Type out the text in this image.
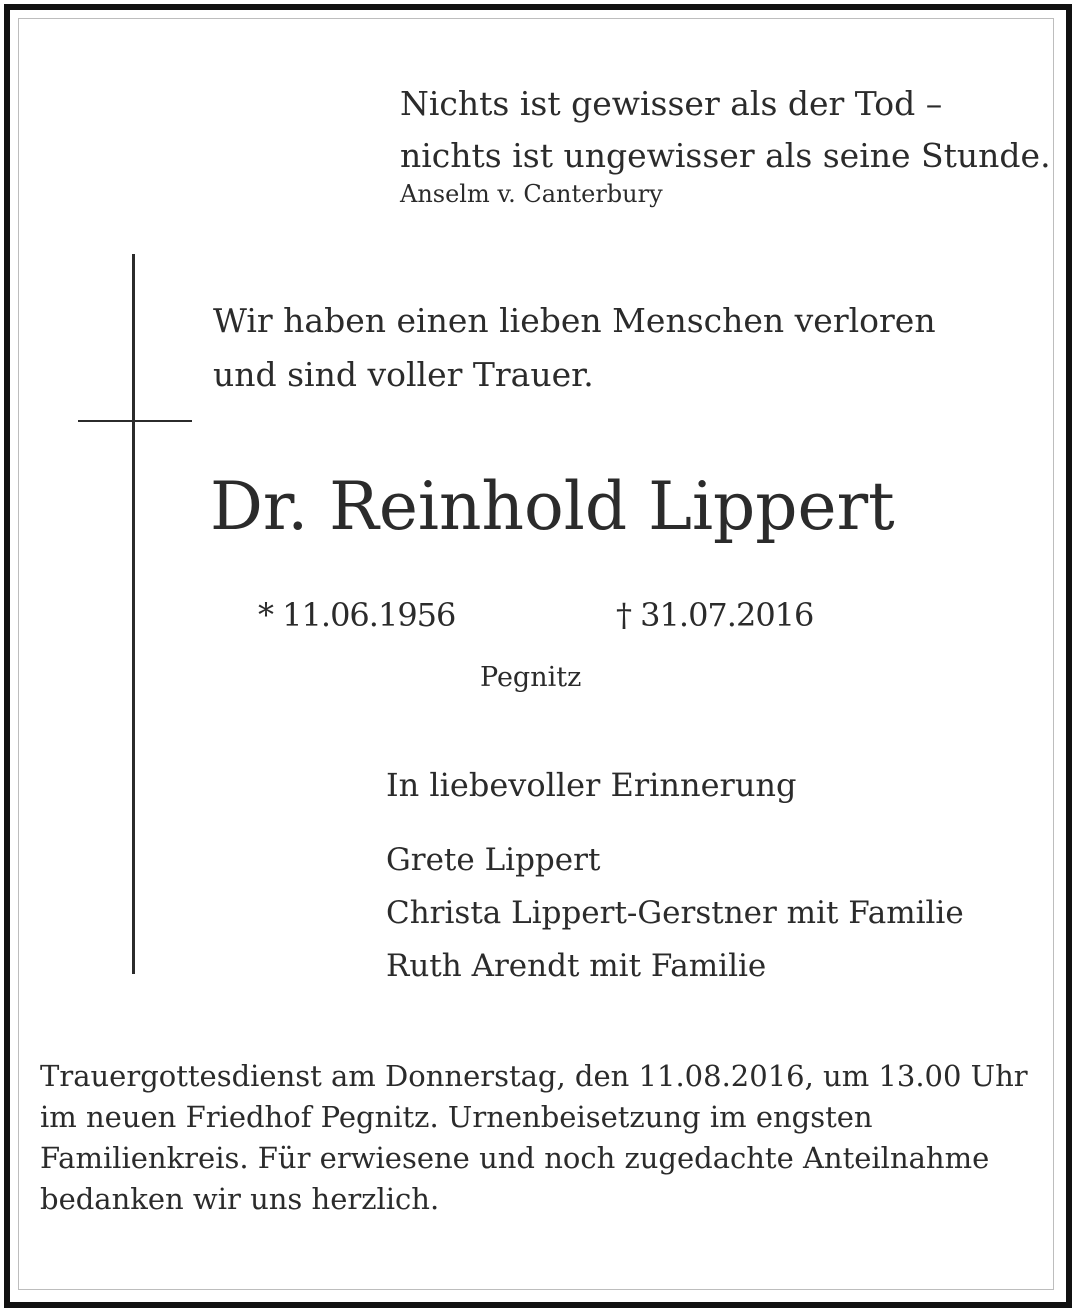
Nichts ist gewisser als der Tod –
nichts ist ungewisser als seine Stunde.
Anselm v. Canterbury
Wir haben einen lieben Menschen verloren
und sind voller Trauer.
Dr. Reinhold Lippert
* 11.06.1956	† 31.07.2016
Pegnitz
In liebevoller Erinnerung
Grete Lippert
Christa Lippert-Gerstner mit Familie
Ruth Arendt mit Familie
Trauergottesdienst am Donnerstag, den 11.08.2016, um 13.00 Uhr
im neuen Friedhof Pegnitz. Urnenbeisetzung im engsten
Familienkreis. Für erwiesene und noch zugedachte Anteilnahme
bedanken wir uns herzlich.
